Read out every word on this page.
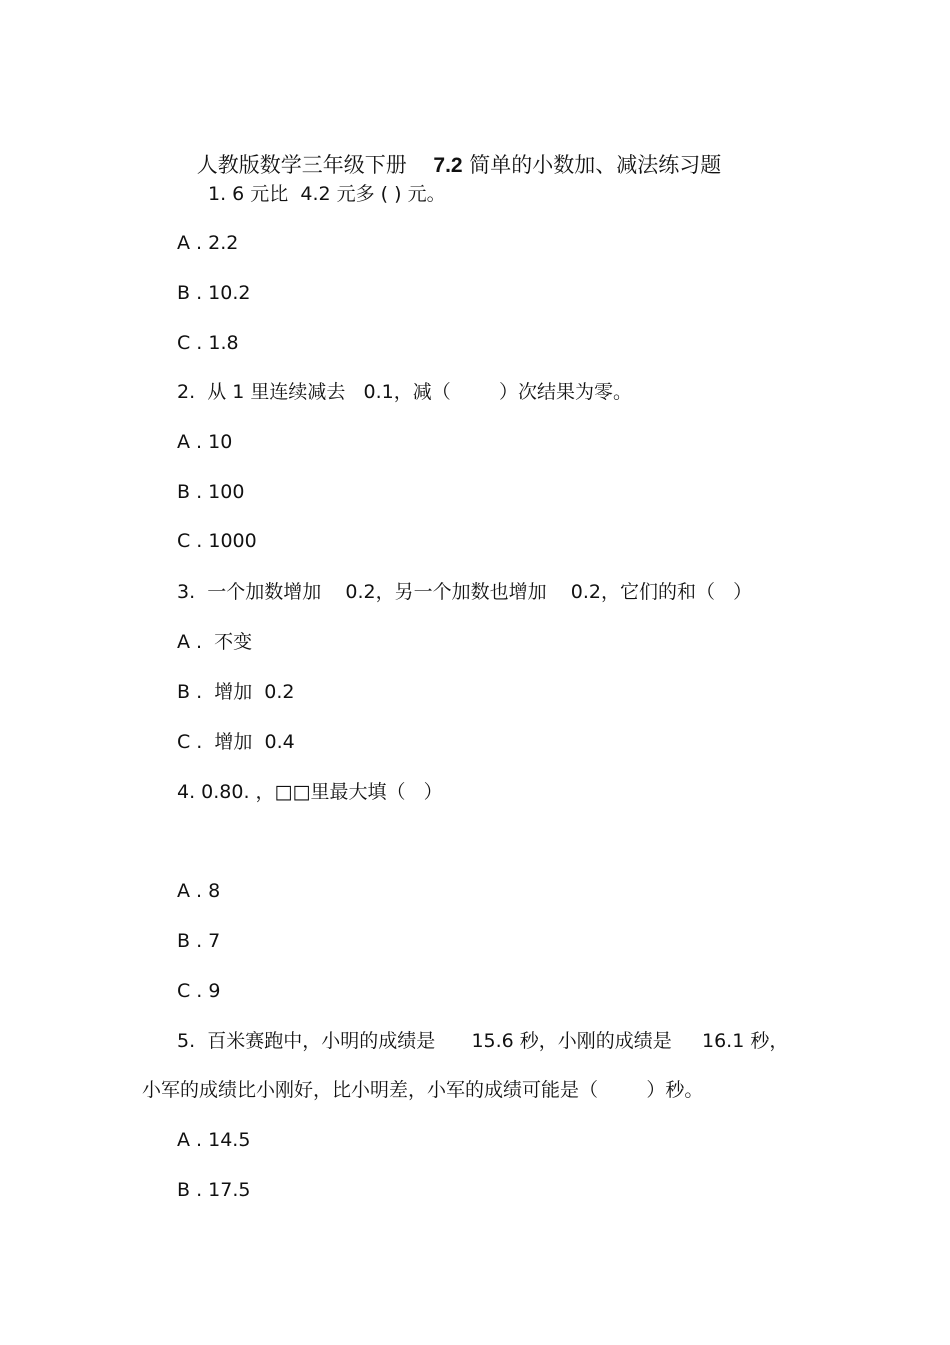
人教版数学三年级下册    7.2 简单的小数加、减法练习题

1. 6 元比  4.2 元多 ( ) 元。
A . 2.2
B . 10.2
C . 1.8
2.  从 1 里连续减去   0.1，减（        ）次结果为零。
A . 10
B . 100
C . 1000
3.  一个加数增加    0.2，另一个加数也增加    0.2，它们的和（   ）
A .  不变
B .  增加  0.2
C .  增加  0.4
4. 0.80. ，□□里最大填（   ）
A . 8
B . 7
C . 9
5.  百米赛跑中，小明的成绩是      15.6 秒，小刚的成绩是     16.1 秒，
小军的成绩比小刚好，比小明差，小军的成绩可能是（        ）秒。
A . 14.5
B . 17.5
